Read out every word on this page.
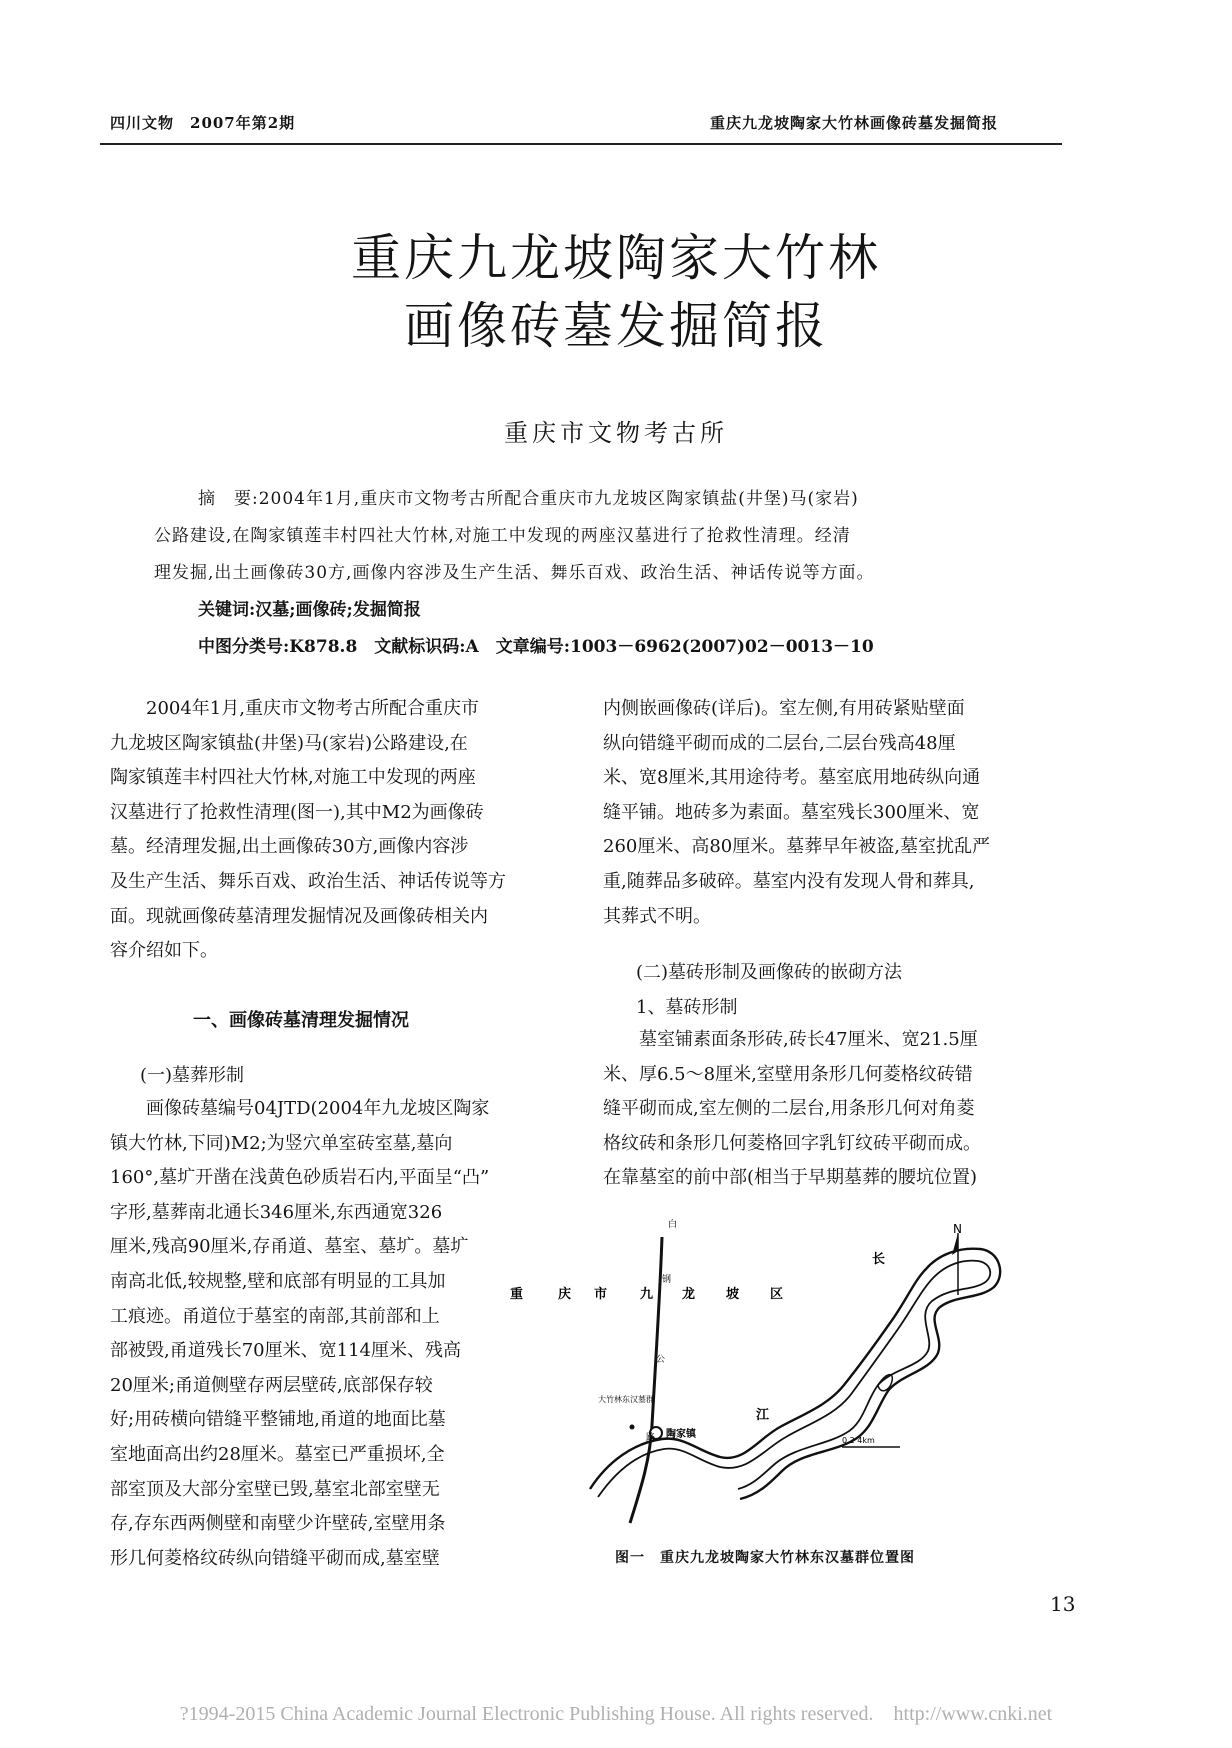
四川文物　2007年第2期	重庆九龙坡陶家大竹林画像砖墓发掘简报
重庆九龙坡陶家大竹林
画像砖墓发掘简报
重庆市文物考古所
摘　要:2004年1月,重庆市文物考古所配合重庆市九龙坡区陶家镇盐(井堡)马(家岩)
公路建设,在陶家镇莲丰村四社大竹林,对施工中发现的两座汉墓进行了抢救性清理。经清
理发掘,出土画像砖30方,画像内容涉及生产生活、舞乐百戏、政治生活、神话传说等方面。
关键词:汉墓;画像砖;发掘简报
中图分类号:K878.8　文献标识码:A　文章编号:1003－6962(2007)02－0013－10
　　2004年1月,重庆市文物考古所配合重庆市
九龙坡区陶家镇盐(井堡)马(家岩)公路建设,在
陶家镇莲丰村四社大竹林,对施工中发现的两座
汉墓进行了抢救性清理(图一),其中M2为画像砖
墓。经清理发掘,出土画像砖30方,画像内容涉
及生产生活、舞乐百戏、政治生活、神话传说等方
面。现就画像砖墓清理发掘情况及画像砖相关内
容介绍如下。
一、画像砖墓清理发掘情况
(一)墓葬形制
　　画像砖墓编号04JTD(2004年九龙坡区陶家
镇大竹林,下同)M2;为竖穴单室砖室墓,墓向
160°,墓圹开凿在浅黄色砂质岩石内,平面呈“凸”
字形,墓葬南北通长346厘米,东西通宽326
厘米,残高90厘米,存甬道、墓室、墓圹。墓圹
南高北低,较规整,壁和底部有明显的工具加
工痕迹。甬道位于墓室的南部,其前部和上
部被毁,甬道残长70厘米、宽114厘米、残高
20厘米;甬道侧壁存两层壁砖,底部保存较
好;用砖横向错缝平整铺地,甬道的地面比墓
室地面高出约28厘米。墓室已严重损坏,全
部室顶及大部分室壁已毁,墓室北部室壁无
存,存东西两侧壁和南壁少许壁砖,室壁用条
形几何菱格纹砖纵向错缝平砌而成,墓室壁
内侧嵌画像砖(详后)。室左侧,有用砖紧贴壁面
纵向错缝平砌而成的二层台,二层台残高48厘
米、宽8厘米,其用途待考。墓室底用地砖纵向通
缝平铺。地砖多为素面。墓室残长300厘米、宽
260厘米、高80厘米。墓葬早年被盗,墓室扰乱严
重,随葬品多破碎。墓室内没有发现人骨和葬具,
其葬式不明。
(二)墓砖形制及画像砖的嵌砌方法
1、墓砖形制
　　墓室铺素面条形砖,砖长47厘米、宽21.5厘
米、厚6.5～8厘米,室壁用条形几何菱格纹砖错
缝平砌而成,室左侧的二层台,用条形几何对角菱
格纹砖和条形几何菱格回字乳钉纹砖平砌而成。
在靠墓室的前中部(相当于早期墓葬的腰坑位置)
N
重	庆 市	九 龙 坡 区
长
江
白
钢
公
路
大竹林东汉墓群
陶家镇
0 2 4km
图一　重庆九龙坡陶家大竹林东汉墓群位置图
13
?1994-2015 China Academic Journal Electronic Publishing House. All rights reserved.　http://www.cnki.net
